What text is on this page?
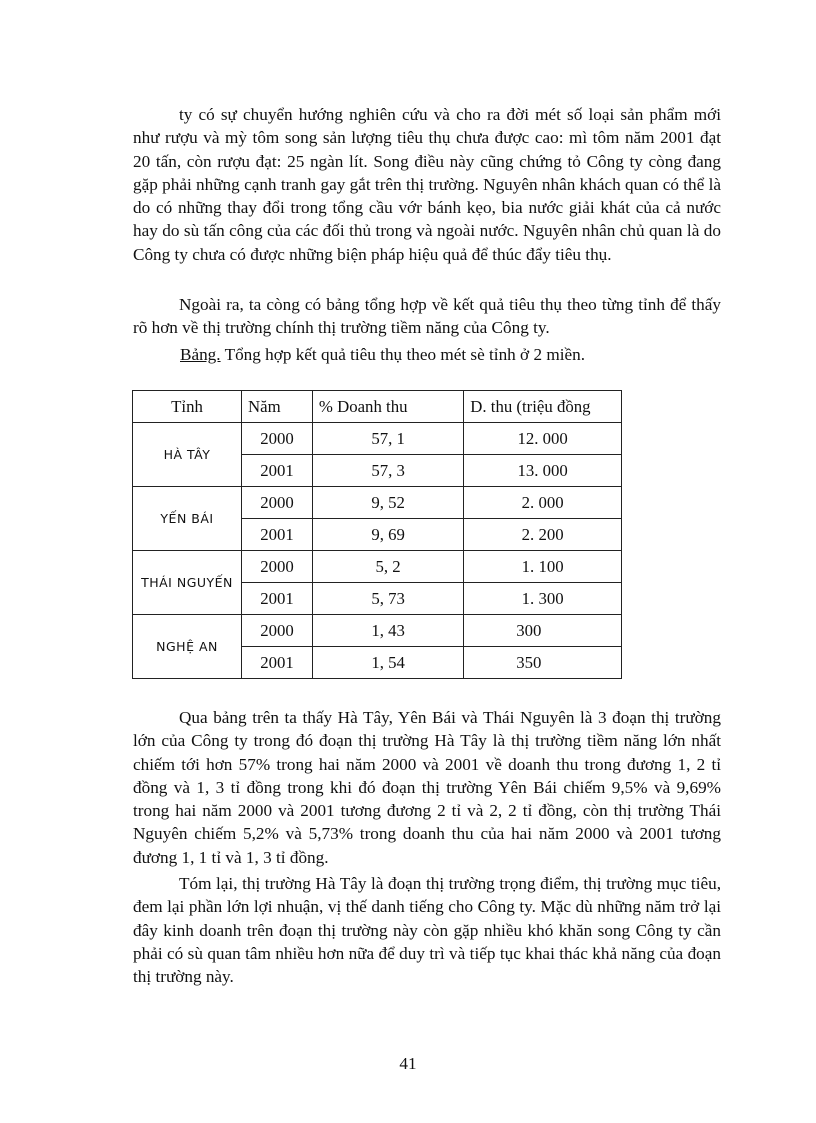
ty có sự chuyển hướng nghiên cứu và cho ra đời mét số loại sản phẩm mới như rượu và mỳ tôm song sản lượng tiêu thụ chưa được cao: mì tôm năm 2001 đạt 20 tấn, còn rượu đạt: 25 ngàn lít. Song điều này cũng chứng tỏ Công ty còng đang gặp phải những cạnh tranh gay gắt trên thị trường. Nguyên nhân khách quan có thể là do có những thay đổi trong tổng cầu vớr bánh kẹo, bia nước giải khát của cả nước hay do sù tấn công của các đối thủ trong và ngoài nước. Nguyên nhân chủ quan là do Công ty chưa có được những biện pháp hiệu quả để thúc đẩy tiêu thụ.

Ngoài ra, ta còng có bảng tổng hợp về kết quả tiêu thụ theo từng tỉnh để thấy rõ hơn về thị trường chính thị trường tiềm năng của Công ty.

Bảng. Tổng hợp kết quả tiêu thụ theo mét sè tỉnh ở 2 miền.
Tỉnh	Năm	% Doanh thu	D. thu (triệu đồng
HÀ TÂY	2000	57, 1	12. 000
	2001	57, 3	13. 000
YẾN BÁI	2000	9, 52	2. 000
	2001	9, 69	2. 200
THÁI NGUYẾN	2000	5, 2	1. 100
	2001	5, 73	1. 300
NGHỆ AN	2000	1, 43	300
	2001	1, 54	350

Qua bảng trên ta thấy Hà Tây, Yên Bái và Thái Nguyên là 3 đoạn thị trường lớn của Công ty trong đó đoạn thị trường Hà Tây là thị trường tiềm năng lớn nhất chiếm tới hơn 57% trong hai năm 2000 và 2001 về doanh thu trong đương 1, 2 tỉ đồng và 1, 3 tỉ đồng trong khi đó đoạn thị trường Yên Bái chiếm 9,5% và 9,69% trong hai năm 2000 và 2001 tương đương 2 tỉ và 2, 2 tỉ đồng, còn thị trường Thái Nguyên chiếm 5,2% và 5,73% trong doanh thu của hai năm 2000 và 2001 tương đương 1, 1 tỉ và 1, 3 tỉ đồng.

Tóm lại, thị trường Hà Tây là đoạn thị trường trọng điểm, thị trường mục tiêu, đem lại phần lớn lợi nhuận, vị thế danh tiếng cho Công ty. Mặc dù những năm trở lại đây kinh doanh trên đoạn thị trường này còn gặp nhiều khó khăn song Công ty cần phải có sù quan tâm nhiều hơn nữa để duy trì và tiếp tục khai thác khả năng của đoạn thị trường này.

41
